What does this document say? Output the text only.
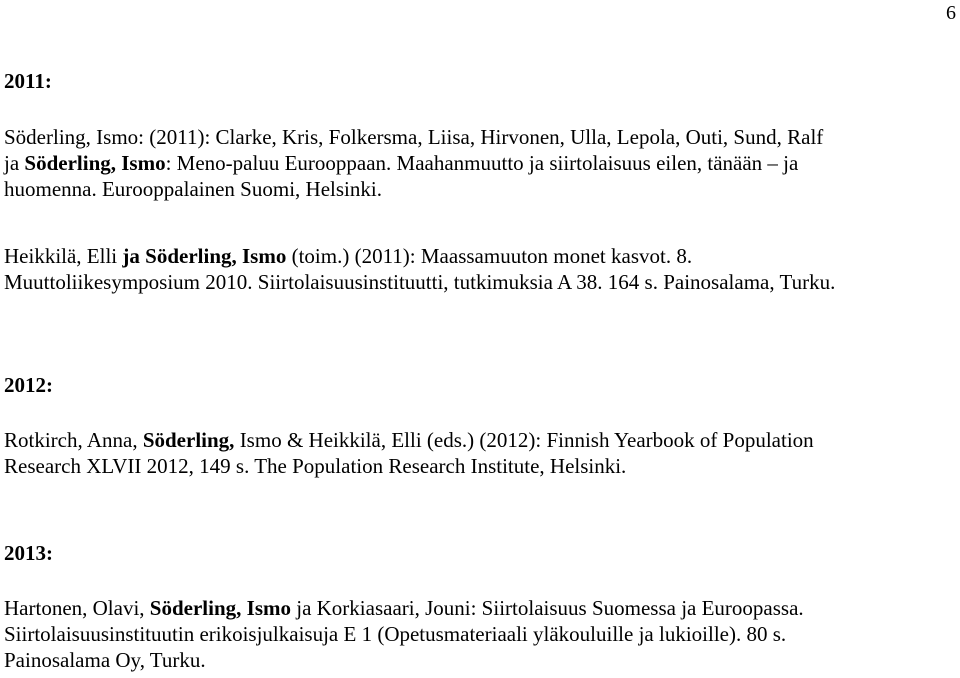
6
2011:
Söderling, Ismo: (2011): Clarke, Kris, Folkersma, Liisa, Hirvonen, Ulla, Lepola, Outi, Sund, Ralf
ja Söderling, Ismo: Meno-paluu Eurooppaan. Maahanmuutto ja siirtolaisuus eilen, tänään – ja
huomenna. Eurooppalainen Suomi, Helsinki.
Heikkilä, Elli ja Söderling, Ismo (toim.) (2011): Maassamuuton monet kasvot. 8.
Muuttoliikesymposium 2010. Siirtolaisuusinstituutti, tutkimuksia A 38. 164 s. Painosalama, Turku.
2012:
Rotkirch, Anna, Söderling, Ismo & Heikkilä, Elli (eds.) (2012): Finnish Yearbook of Population
Research XLVII 2012, 149 s. The Population Research Institute, Helsinki.
2013:
Hartonen, Olavi, Söderling, Ismo ja Korkiasaari, Jouni: Siirtolaisuus Suomessa ja Euroopassa.
Siirtolaisuusinstituutin erikoisjulkaisuja E 1 (Opetusmateriaali yläkouluille ja lukioille). 80 s.
Painosalama Oy, Turku.
